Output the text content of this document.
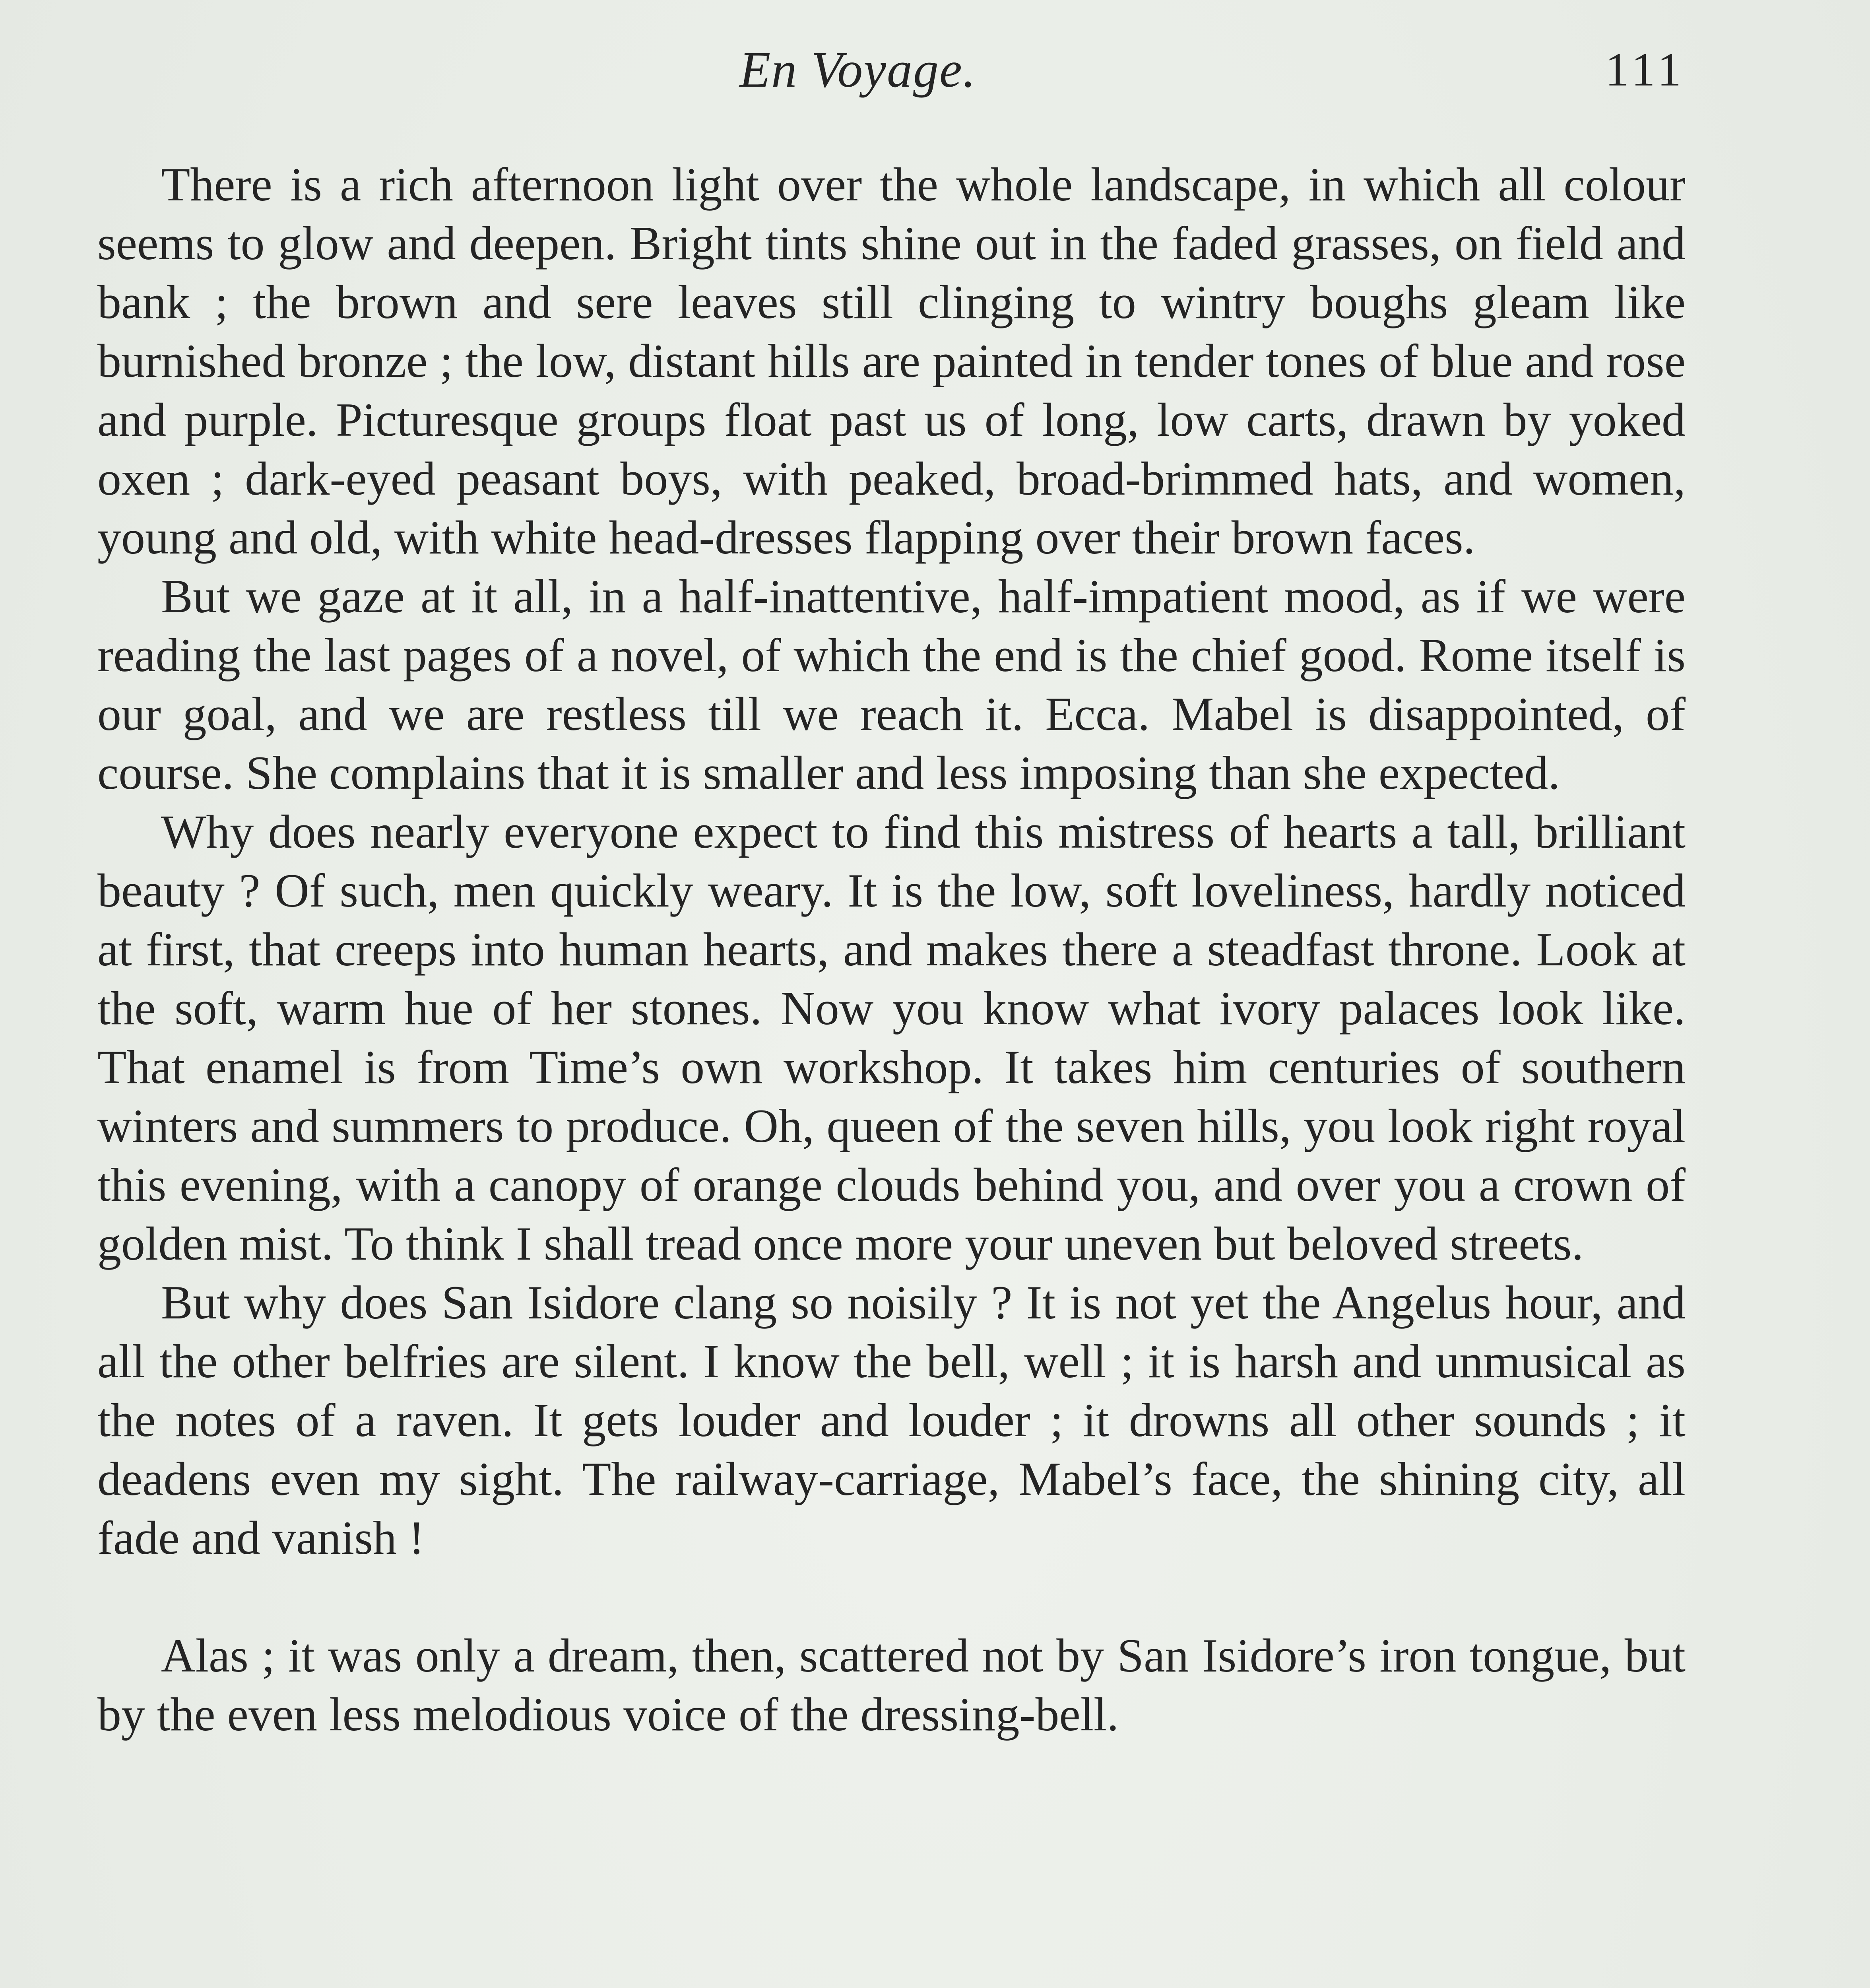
En Voyage.	111

There is a rich afternoon light over the whole landscape, in which all colour seems to glow and deepen. Bright tints shine out in the faded grasses, on field and bank ; the brown and sere leaves still clinging to wintry boughs gleam like burnished bronze ; the low, distant hills are painted in tender tones of blue and rose and purple. Picturesque groups float past us of long, low carts, drawn by yoked oxen ; dark-eyed peasant boys, with peaked, broad-brimmed hats, and women, young and old, with white head-dresses flapping over their brown faces.

But we gaze at it all, in a half-inattentive, half-impatient mood, as if we were reading the last pages of a novel, of which the end is the chief good. Rome itself is our goal, and we are restless till we reach it. Ecca. Mabel is disappointed, of course. She complains that it is smaller and less imposing than she expected.

Why does nearly everyone expect to find this mistress of hearts a tall, brilliant beauty ? Of such, men quickly weary. It is the low, soft loveliness, hardly noticed at first, that creeps into human hearts, and makes there a steadfast throne. Look at the soft, warm hue of her stones. Now you know what ivory palaces look like. That enamel is from Time’s own workshop. It takes him centuries of southern winters and summers to produce. Oh, queen of the seven hills, you look right royal this evening, with a canopy of orange clouds behind you, and over you a crown of golden mist. To think I shall tread once more your uneven but beloved streets.

But why does San Isidore clang so noisily ? It is not yet the Angelus hour, and all the other belfries are silent. I know the bell, well ; it is harsh and unmusical as the notes of a raven. It gets louder and louder ; it drowns all other sounds ; it deadens even my sight. The railway-carriage, Mabel’s face, the shining city, all fade and vanish !

Alas ; it was only a dream, then, scattered not by San Isidore’s iron tongue, but by the even less melodious voice of the dressing-bell.
